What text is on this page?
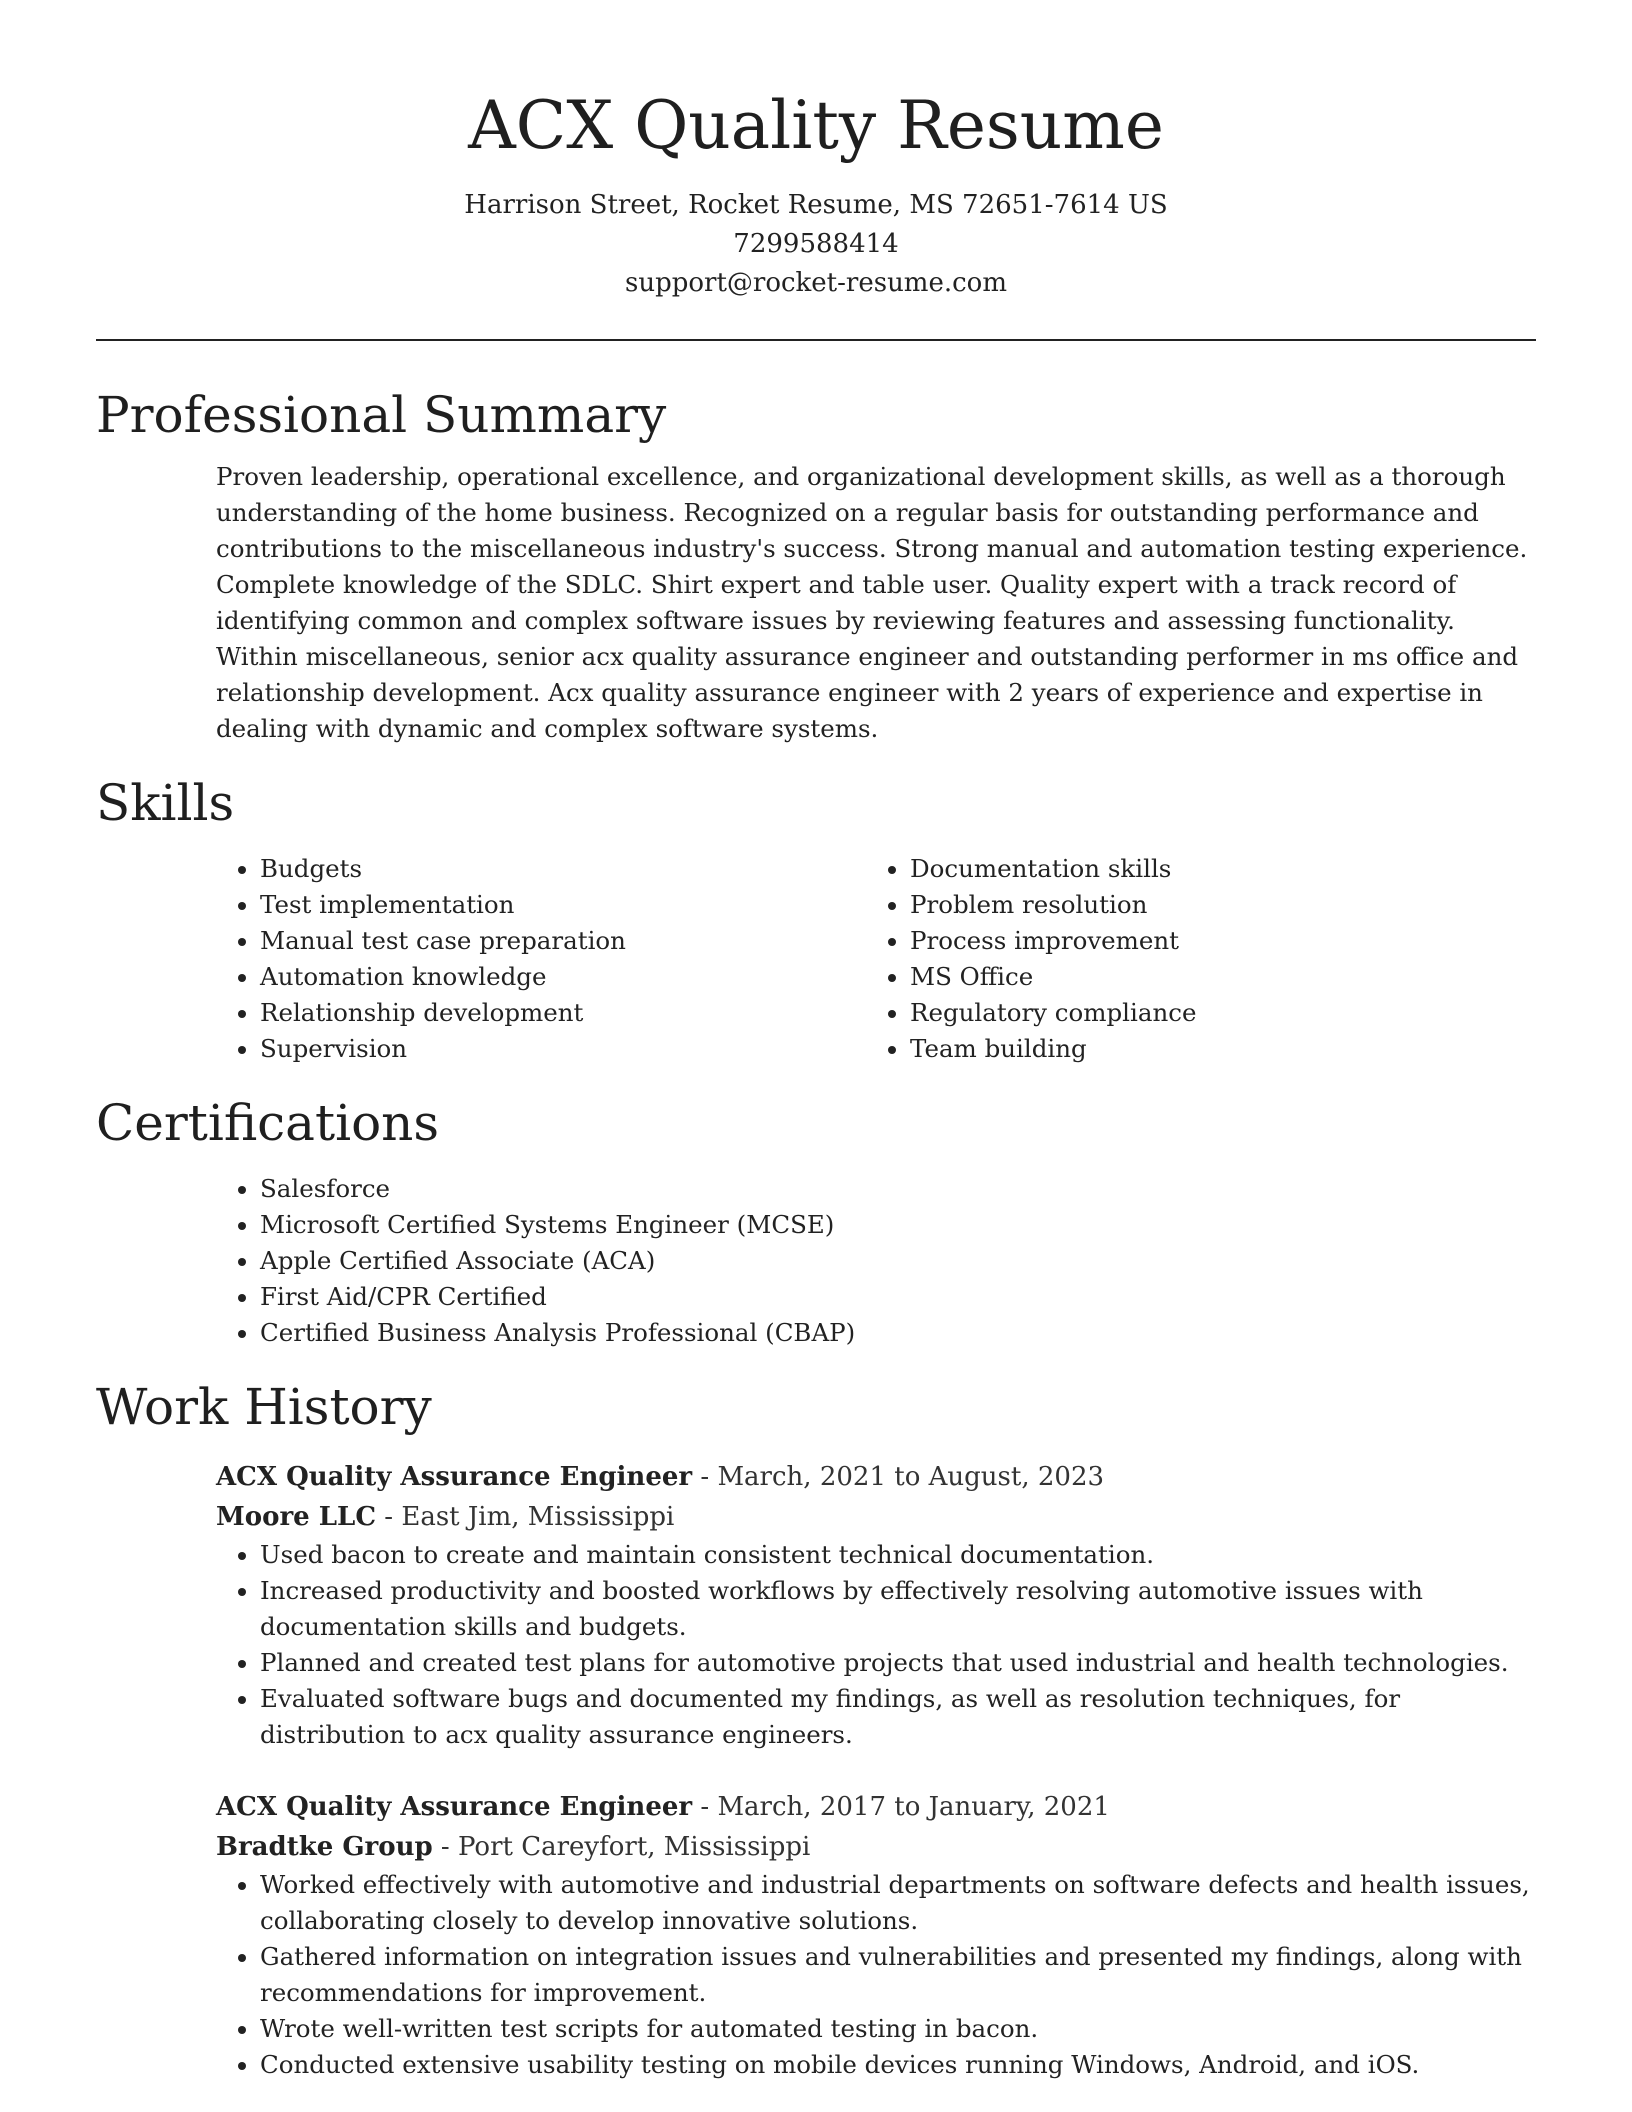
ACX Quality Resume

Harrison Street, Rocket Resume, MS 72651-7614 US

7299588414

support@rocket-resume.com

Professional Summary

Proven leadership, operational excellence, and organizational development skills, as well as a thorough understanding of the home business. Recognized on a regular basis for outstanding performance and contributions to the miscellaneous industry's success. Strong manual and automation testing experience. Complete knowledge of the SDLC. Shirt expert and table user. Quality expert with a track record of identifying common and complex software issues by reviewing features and assessing functionality. Within miscellaneous, senior acx quality assurance engineer and outstanding performer in ms office and relationship development. Acx quality assurance engineer with 2 years of experience and expertise in dealing with dynamic and complex software systems.

Skills
• Budgets
• Test implementation
• Manual test case preparation
• Automation knowledge
• Relationship development
• Supervision
• Documentation skills
• Problem resolution
• Process improvement
• MS Office
• Regulatory compliance
• Team building
Certifications
• Salesforce
• Microsoft Certified Systems Engineer (MCSE)
• Apple Certified Associate (ACA)
• First Aid/CPR Certified
• Certified Business Analysis Professional (CBAP)
Work History

ACX Quality Assurance Engineer - March, 2021 to August, 2023

Moore LLC - East Jim, Mississippi

• Used bacon to create and maintain consistent technical documentation.
• Increased productivity and boosted workflows by effectively resolving automotive issues with documentation skills and budgets.
• Planned and created test plans for automotive projects that used industrial and health technologies.
• Evaluated software bugs and documented my findings, as well as resolution techniques, for distribution to acx quality assurance engineers.

ACX Quality Assurance Engineer - March, 2017 to January, 2021

Bradtke Group - Port Careyfort, Mississippi

• Worked effectively with automotive and industrial departments on software defects and health issues, collaborating closely to develop innovative solutions.
• Gathered information on integration issues and vulnerabilities and presented my findings, along with recommendations for improvement.
• Wrote well-written test scripts for automated testing in bacon.
• Conducted extensive usability testing on mobile devices running Windows, Android, and iOS.
